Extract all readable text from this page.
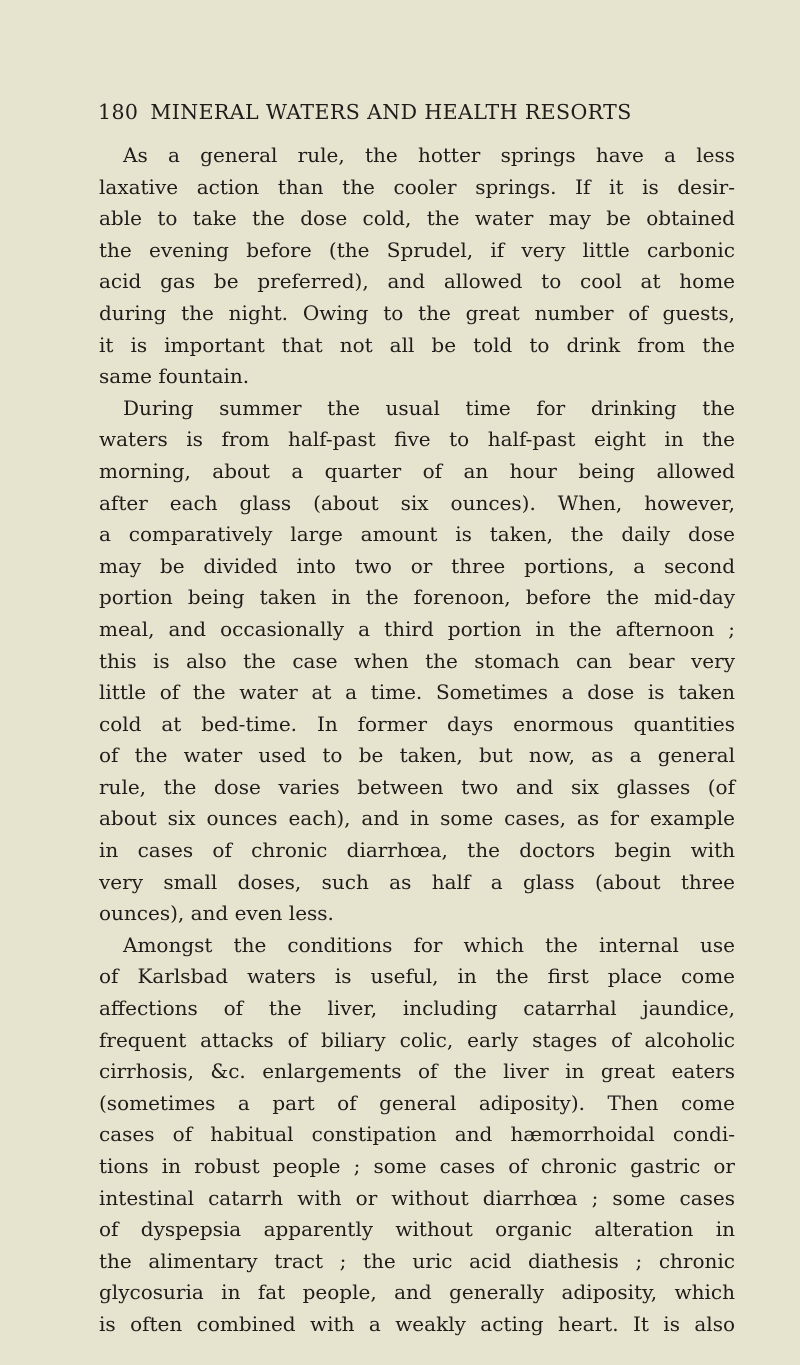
180 MINERAL WATERS AND HEALTH RESORTS
As a general rule, the hotter springs have a less
laxative action than the cooler springs. If it is desir-
able to take the dose cold, the water may be obtained
the evening before (the Sprudel, if very little carbonic
acid gas be preferred), and allowed to cool at home
during the night. Owing to the great number of guests,
it is important that not all be told to drink from the
same fountain.
During summer the usual time for drinking the
waters is from half-past five to half-past eight in the
morning, about a quarter of an hour being allowed
after each glass (about six ounces). When, however,
a comparatively large amount is taken, the daily dose
may be divided into two or three portions, a second
portion being taken in the forenoon, before the mid-day
meal, and occasionally a third portion in the afternoon ;
this is also the case when the stomach can bear very
little of the water at a time. Sometimes a dose is taken
cold at bed-time. In former days enormous quantities
of the water used to be taken, but now, as a general
rule, the dose varies between two and six glasses (of
about six ounces each), and in some cases, as for example
in cases of chronic diarrhœa, the doctors begin with
very small doses, such as half a glass (about three
ounces), and even less.
Amongst the conditions for which the internal use
of Karlsbad waters is useful, in the first place come
affections of the liver, including catarrhal jaundice,
frequent attacks of biliary colic, early stages of alcoholic
cirrhosis, &c. enlargements of the liver in great eaters
(sometimes a part of general adiposity). Then come
cases of habitual constipation and hæmorrhoidal condi-
tions in robust people ; some cases of chronic gastric or
intestinal catarrh with or without diarrhœa ; some cases
of dyspepsia apparently without organic alteration in
the alimentary tract ; the uric acid diathesis ; chronic
glycosuria in fat people, and generally adiposity, which
is often combined with a weakly acting heart. It is also
